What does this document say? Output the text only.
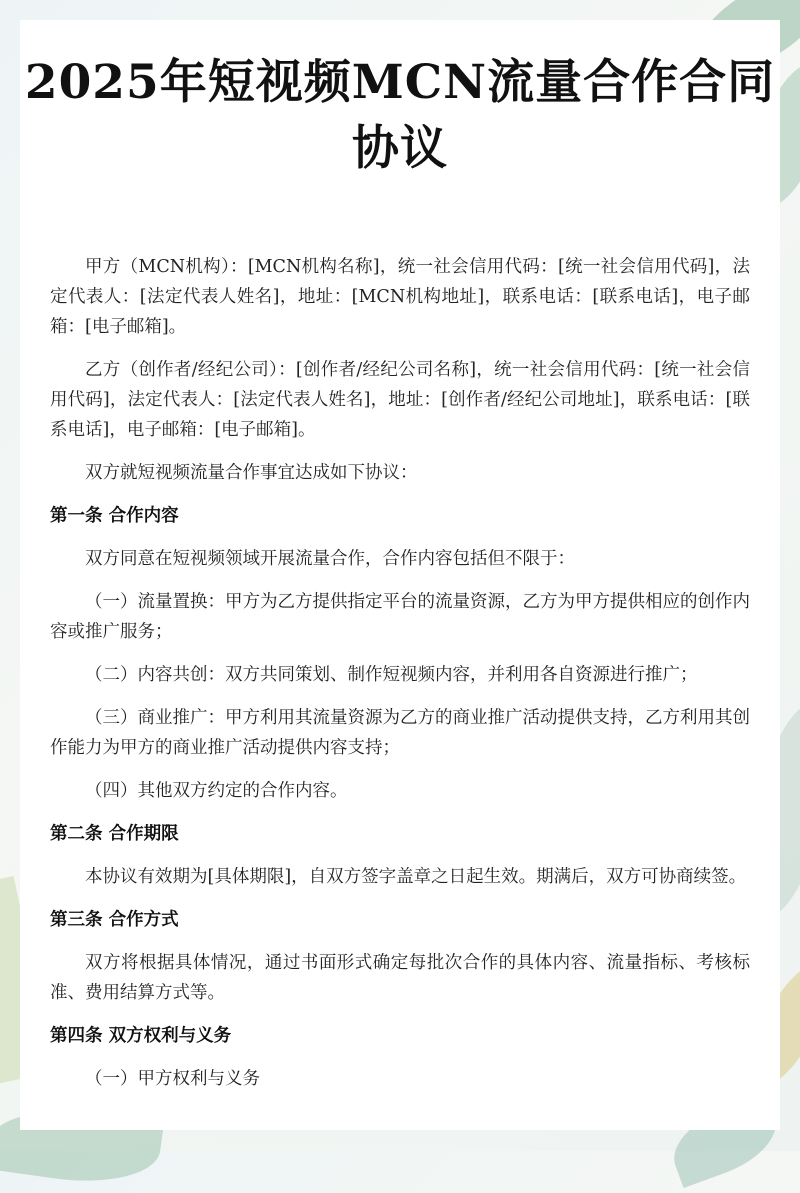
2025年短视频MCN流量合作合同
协议

甲方（MCN机构）：[MCN机构名称]，统一社会信用代码：[统一社会信用代码]，法定代表人：[法定代表人姓名]，地址：[MCN机构地址]，联系电话：[联系电话]，电子邮箱：[电子邮箱]。

乙方（创作者/经纪公司）：[创作者/经纪公司名称]，统一社会信用代码：[统一社会信用代码]，法定代表人：[法定代表人姓名]，地址：[创作者/经纪公司地址]，联系电话：[联系电话]，电子邮箱：[电子邮箱]。

双方就短视频流量合作事宜达成如下协议：

第一条 合作内容

双方同意在短视频领域开展流量合作，合作内容包括但不限于：

（一）流量置换：甲方为乙方提供指定平台的流量资源，乙方为甲方提供相应的创作内容或推广服务；

（二）内容共创：双方共同策划、制作短视频内容，并利用各自资源进行推广；

（三）商业推广：甲方利用其流量资源为乙方的商业推广活动提供支持，乙方利用其创作能力为甲方的商业推广活动提供内容支持；

（四）其他双方约定的合作内容。

第二条 合作期限

本协议有效期为[具体期限]，自双方签字盖章之日起生效。期满后，双方可协商续签。

第三条 合作方式

双方将根据具体情况，通过书面形式确定每批次合作的具体内容、流量指标、考核标准、费用结算方式等。

第四条 双方权利与义务

（一）甲方权利与义务
